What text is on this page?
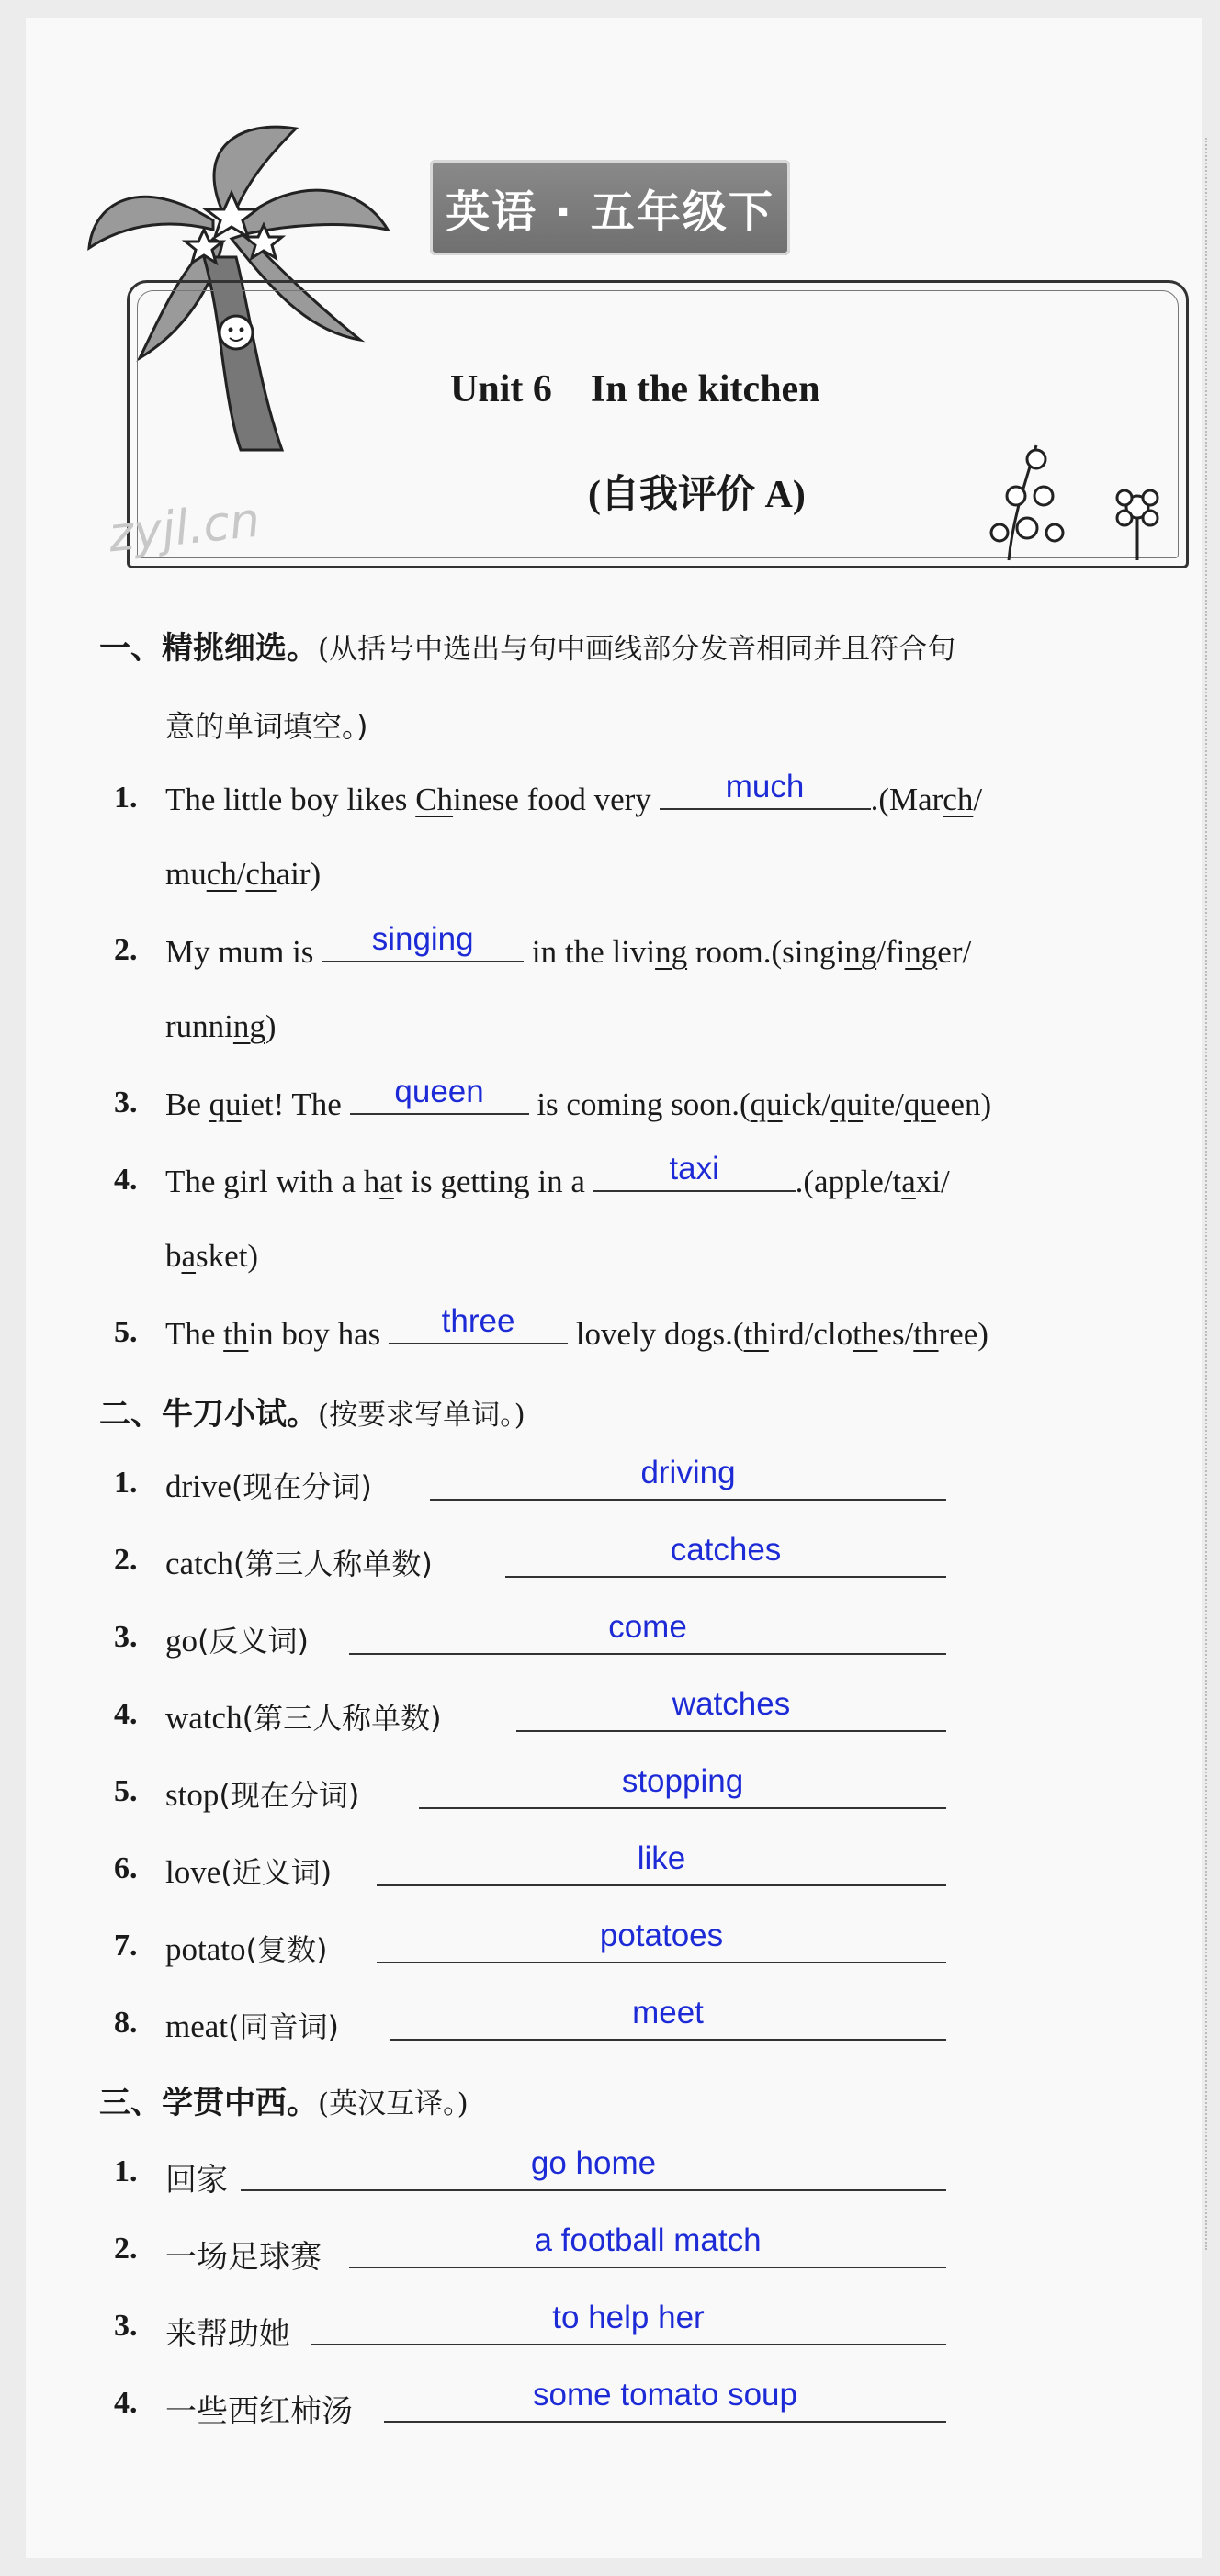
英语 · 五年级下
Unit 6    In the kitchen
(自我评价 A)
zyjl.cn
一、精挑细选。(从括号中选出与句中画线部分发音相同并且符合句
意的单词填空。)
1. The little boy likes Chinese food very	much	.(March/
much/chair)
2. My mum is	singing	in the living room.(singing/finger/
running)
3. Be quiet! The	queen	is coming soon.(quick/quite/queen)
4. The girl with a hat is getting in a	taxi	.(apple/taxi/
basket)
5. The thin boy has	three	lovely dogs.(third/clothes/three)
二、牛刀小试。(按要求写单词。)
1. drive(现在分词)	driving
2. catch(第三人称单数)	catches
3. go(反义词)	come
4. watch(第三人称单数)	watches
5. stop(现在分词)	stopping
6. love(近义词)	like
7. potato(复数)	potatoes
8. meat(同音词)	meet
三、学贯中西。(英汉互译。)
1. 回家	go home
2. 一场足球赛	a football match
3. 来帮助她	to help her
4. 一些西红柿汤	some tomato soup
